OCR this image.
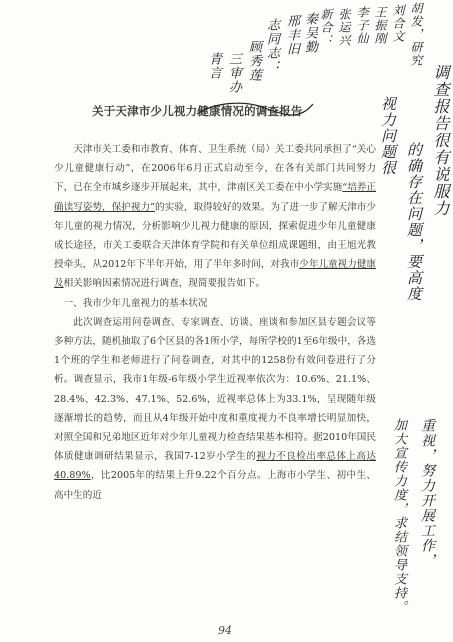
青言 三审办 顾秀莲 志同志： 邢丰旧 秦吴勤 新合： 张运兴 李子仙 王振刚 刘合文 胡发，研究
调查报告很有说服力
的确存在问题，要高度
视力问题很
重视，努力开展工作，
加大宣传力度，求结领导支持。
关于天津市少儿视力健康情况的调查报告

天津市关工委和市教育、体育、卫生系统（局）关工委共同承担了“关心少儿童健康行动”，在2006年6月正式启动至今，在各有关部门共同努力下，已在全市城乡逐步开展起来，其中，津南区关工委在中小学实施“培养正确读写姿势，保护视力”的实验，取得较好的效果。为了进一步了解天津市少年儿童的视力情况，分析影响少儿视力健康的原因，探索促进少年儿童健康成长途径，市关工委联合天津体育学院和有关单位组成课题组，由王旭光教授牵头，从2012年下半年开始，用了半年多时间，对我市少年儿童视力健康及相关影响因素情况进行调查，现简要报告如下。

一、我市少年儿童视力的基本状况

此次调查运用问卷调查、专家调查、访谈、座谈和参加区县专题会议等多种方法，随机抽取了6个区县的各1所小学，每所学校的1至6年级中，各选1个班的学生和老师进行了问卷调查，对其中的1258份有效问卷进行了分析。调查显示，我市1年级-6年级小学生近视率依次为：10.6%、21.1%、28.4%、42.3%、47.1%、52.6%，近视率总体上为33.1%，呈现随年级逐渐增长的趋势，而且从4年级开始中度和重度视力不良率增长明显加快，对照全国和兄弟地区近年对少年儿童视力检查结果基本相符。据2010年国民体质健康调研结果显示，我国7-12岁小学生的视力不良检出率总体上高达40.89%，比2005年的结果上升9.22个百分点。上海市小学生、初中生、高中生的近

94
